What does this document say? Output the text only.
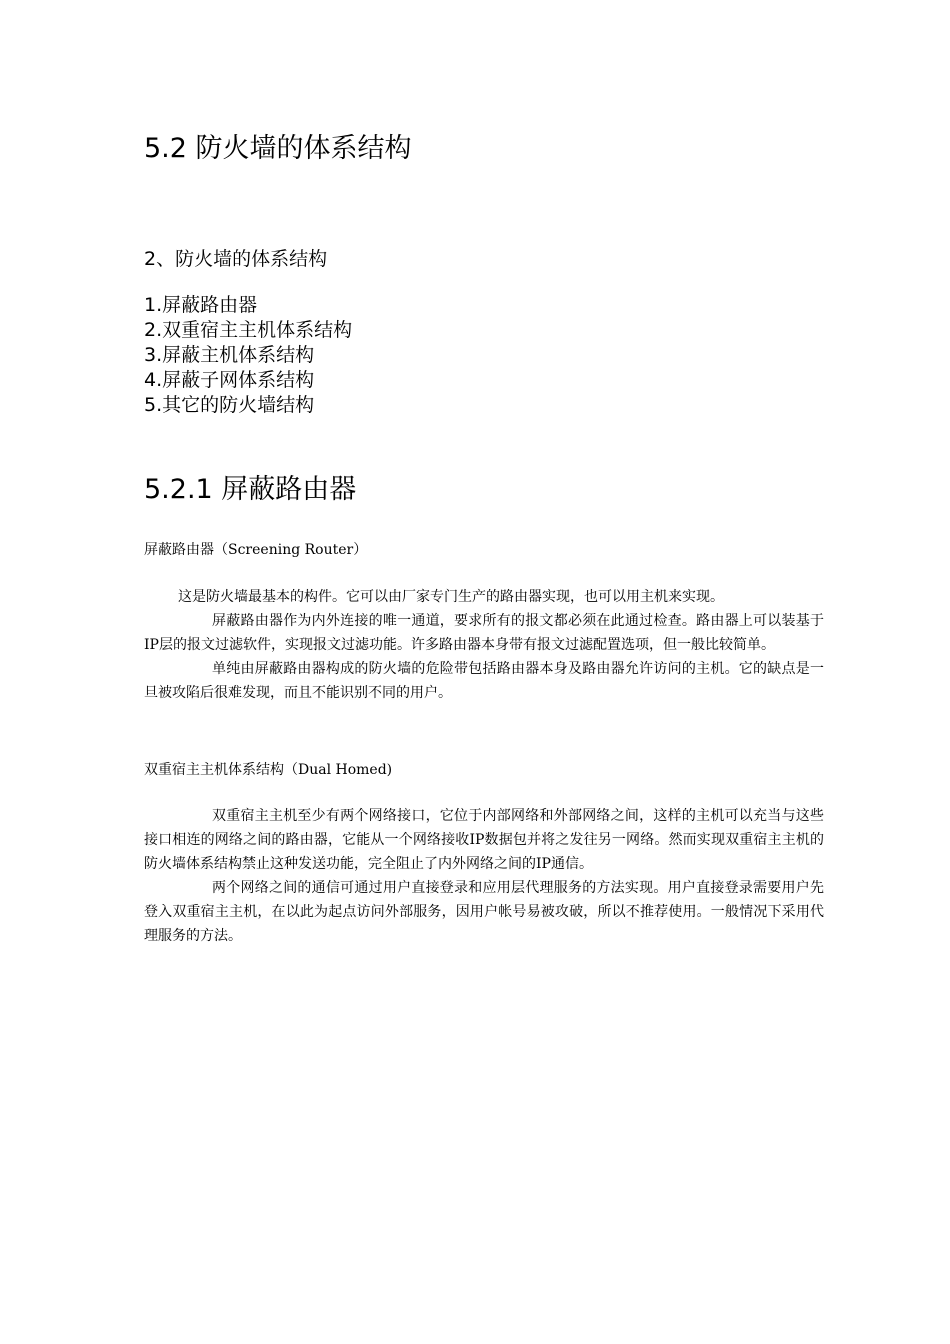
5.2 防火墙的体系结构
2、防火墙的体系结构
1.屏蔽路由器
2.双重宿主主机体系结构
3.屏蔽主机体系结构
4.屏蔽子网体系结构
5.其它的防火墙结构
5.2.1 屏蔽路由器
屏蔽路由器（Screening Router）

这是防火墙最基本的构件。它可以由厂家专门生产的路由器实现，也可以用主机来实现。

屏蔽路由器作为内外连接的唯一通道，要求所有的报文都必须在此通过检查。路由器上可以装基于IP层的报文过滤软件，实现报文过滤功能。许多路由器本身带有报文过滤配置选项，但一般比较简单。

单纯由屏蔽路由器构成的防火墙的危险带包括路由器本身及路由器允许访问的主机。它的缺点是一旦被攻陷后很难发现，而且不能识别不同的用户。

双重宿主主机体系结构（Dual Homed)

双重宿主主机至少有两个网络接口，它位于内部网络和外部网络之间，这样的主机可以充当与这些接口相连的网络之间的路由器，它能从一个网络接收IP数据包并将之发往另一网络。然而实现双重宿主主机的防火墙体系结构禁止这种发送功能，完全阻止了内外网络之间的IP通信。

两个网络之间的通信可通过用户直接登录和应用层代理服务的方法实现。用户直接登录需要用户先登入双重宿主主机，在以此为起点访问外部服务，因用户帐号易被攻破，所以不推荐使用。一般情况下采用代理服务的方法。
